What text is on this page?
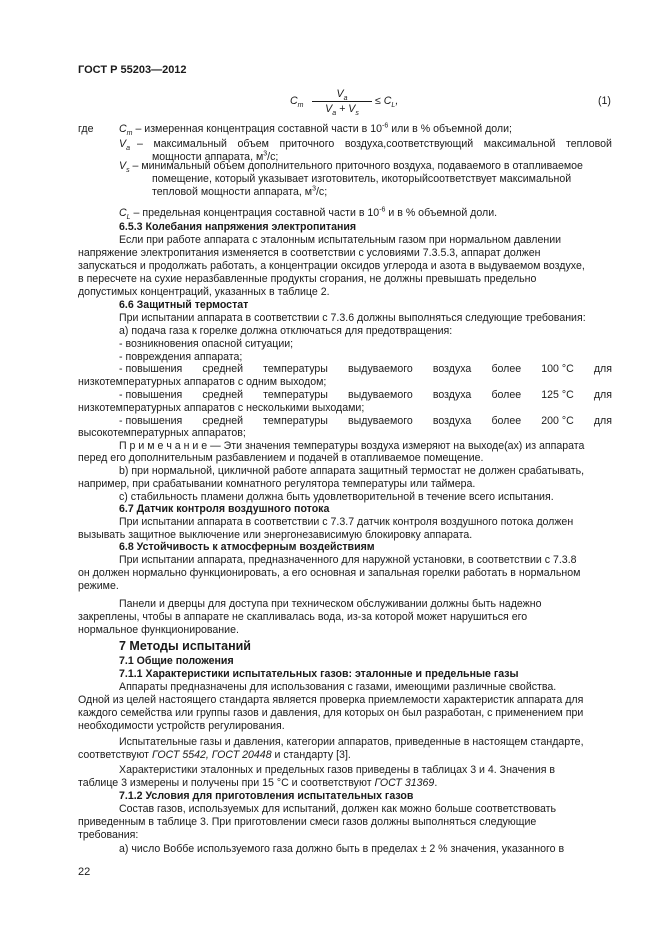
ГОСТ Р 55203—2012
$C_m \frac{V_a}{V_a + V_s} \le C_L$,	(1)
где $C_m$ – измеренная концентрация составной части в $10^{-6}$ или в % объемной доли;
$V_a$ – максимальный объем приточного воздуха,соответствующий максимальной тепловой
мощности аппарата, $м^3/с$;
$V_s$ – минимальный объем дополнительного приточного воздуха, подаваемого в отапливаемое
помещение, который указывает изготовитель, икоторыйсоответствует максимальной
тепловой мощности аппарата, $м^3/с$;
$C_L$ – предельная концентрация составной части в $10^{-6}$ и в % объемной доли.
6.5.3 Колебания напряжения электропитания
Если при работе аппарата с эталонным испытательным газом при нормальном давлении
напряжение электропитания изменяется в соответствии с условиями 7.3.5.3, аппарат должен
запускаться и продолжать работать, а концентрации оксидов углерода и азота в выдуваемом воздухе,
в пересчете на сухие неразбавленные продукты сгорания, не должны превышать предельно
допустимых концентраций, указанных в таблице 2.
6.6 Защитный термостат
При испытании аппарата в соответствии с 7.3.6 должны выполняться следующие требования:
а) подача газа к горелке должна отключаться для предотвращения:
- возникновения опасной ситуации;
- повреждения аппарата;
- повышения средней температуры выдуваемого воздуха более 100 °С для
низкотемпературных аппаратов с одним выходом;
- повышения средней температуры выдуваемого воздуха более 125 °С для
низкотемпературных аппаратов с несколькими выходами;
- повышения средней температуры выдуваемого воздуха более 200 °С для
высокотемпературных аппаратов;
П р и м е ч а н и е — Эти значения температуры воздуха измеряют на выходе(ах) из аппарата
перед его дополнительным разбавлением и подачей в отапливаемое помещение.
b) при нормальной, цикличной работе аппарата защитный термостат не должен срабатывать,
например, при срабатывании комнатного регулятора температуры или таймера.
с) стабильность пламени должна быть удовлетворительной в течение всего испытания.
6.7 Датчик контроля воздушного потока
При испытании аппарата в соответствии с 7.3.7 датчик контроля воздушного потока должен
вызывать защитное выключение или энергонезависимую блокировку аппарата.
6.8 Устойчивость к атмосферным воздействиям
При испытании аппарата, предназначенного для наружной установки, в соответствии с 7.3.8
он должен нормально функционировать, а его основная и запальная горелки работать в нормальном
режиме.
Панели и дверцы для доступа при техническом обслуживании должны быть надежно
закреплены, чтобы в аппарате не скапливалась вода, из-за которой может нарушиться его
нормальное функционирование.
7 Методы испытаний
7.1 Общие положения
7.1.1 Характеристики испытательных газов: эталонные и предельные газы
Аппараты предназначены для использования с газами, имеющими различные свойства.
Одной из целей настоящего стандарта является проверка приемлемости характеристик аппарата для
каждого семейства или группы газов и давления, для которых он был разработан, с применением при
необходимости устройств регулирования.
Испытательные газы и давления, категории аппаратов, приведенные в настоящем стандарте,
соответствуют ГОСТ 5542, ГОСТ 20448 и стандарту [3].
Характеристики эталонных и предельных газов приведены в таблицах 3 и 4. Значения в
таблице 3 измерены и получены при 15 °С и соответствуют ГОСТ 31369.
7.1.2 Условия для приготовления испытательных газов
Состав газов, используемых для испытаний, должен как можно больше соответствовать
приведенным в таблице 3. При приготовлении смеси газов должны выполняться следующие
требования:
а) число Воббе используемого газа должно быть в пределах ± 2 % значения, указанного в
22
